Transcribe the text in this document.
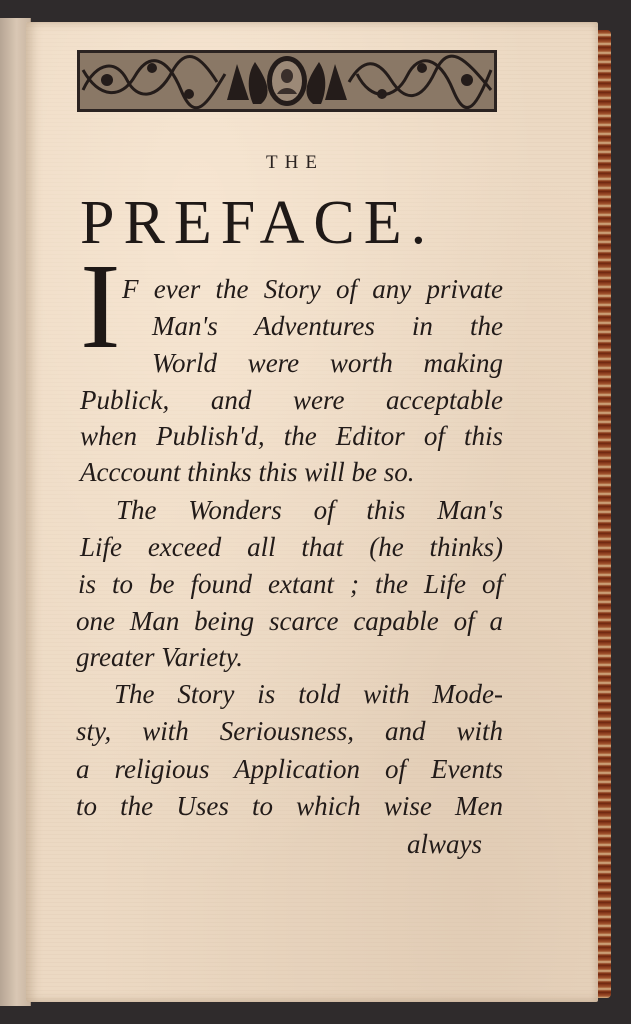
THE
PREFACE.
I F ever the Story of any private
Man's Adventures in the
World were worth making
Publick, and were acceptable
when Publish'd, the Editor of this
Acccount thinks this will be so.
The Wonders of this Man's
Life exceed all that (he thinks)
is to be found extant ; the Life of
one Man being scarce capable of a
greater Variety.
The Story is told with Mode-
sty, with Seriousness, and with
a religious Application of Events
to the Uses to which wise Men
always
